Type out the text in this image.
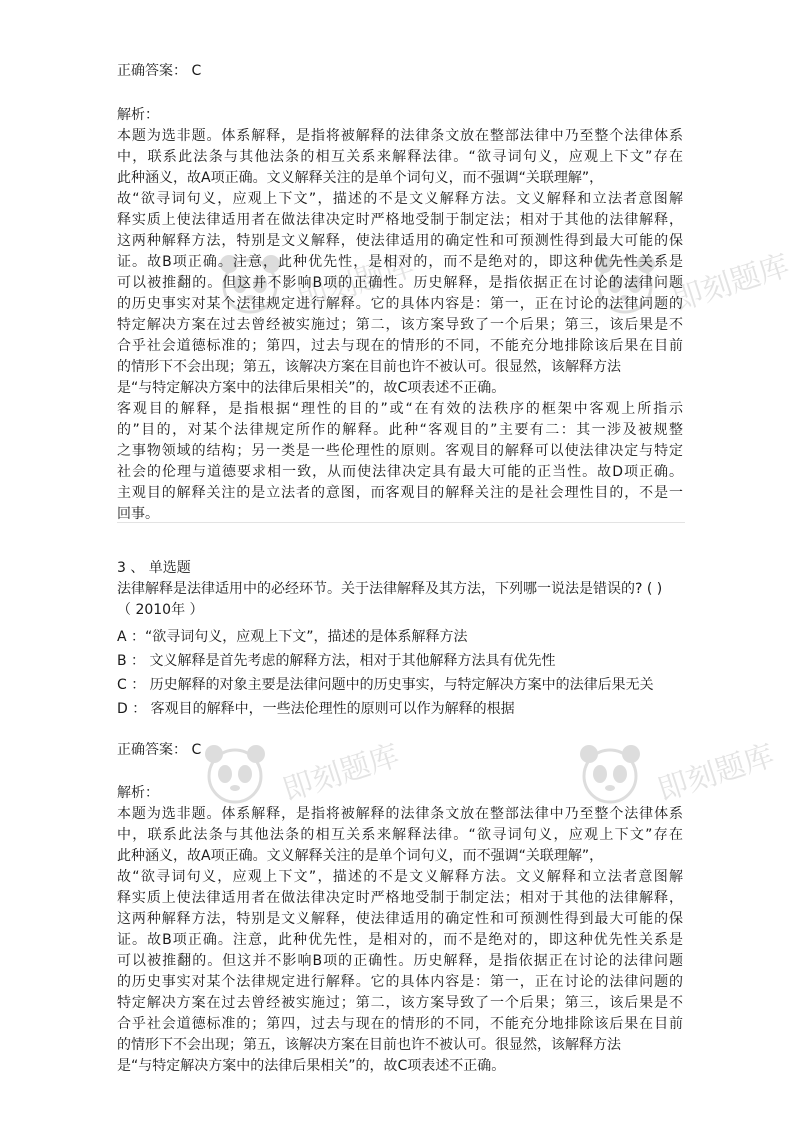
即刻题库	即刻题库
即刻题库	即刻题库
正确答案： C
解析：
本题为选非题。体系解释，是指将被解释的法律条文放在整部法律中乃至整个法律体系
中，联系此法条与其他法条的相互关系来解释法律。“欲寻词句义，应观上下文”存在
此种涵义，故A项正确。文义解释关注的是单个词句义，而不强调“关联理解”，
故“欲寻词句义，应观上下文”，描述的不是文义解释方法。文义解释和立法者意图解
释实质上使法律适用者在做法律决定时严格地受制于制定法；相对于其他的法律解释，
这两种解释方法，特别是文义解释，使法律适用的确定性和可预测性得到最大可能的保
证。故B项正确。注意，此种优先性，是相对的，而不是绝对的，即这种优先性关系是
可以被推翻的。但这并不影响B项的正确性。历史解释，是指依据正在讨论的法律问题
的历史事实对某个法律规定进行解释。它的具体内容是：第一，正在讨论的法律问题的
特定解决方案在过去曾经被实施过；第二，该方案导致了一个后果；第三，该后果是不
合乎社会道德标准的；第四，过去与现在的情形的不同，不能充分地排除该后果在目前
的情形下不会出现；第五，该解决方案在目前也许不被认可。很显然，该解释方法
是“与特定解决方案中的法律后果相关”的，故C项表述不正确。
客观目的解释，是指根据“理性的目的”或“在有效的法秩序的框架中客观上所指示
的”目的，对某个法律规定所作的解释。此种“客观目的”主要有二：其一涉及被规整
之事物领域的结构；另一类是一些伦理性的原则。客观目的解释可以使法律决定与特定
社会的伦理与道德要求相一致，从而使法律决定具有最大可能的正当性。故D项正确。
主观目的解释关注的是立法者的意图，而客观目的解释关注的是社会理性目的，不是一
回事。
3 、 单选题
法律解释是法律适用中的必经环节。关于法律解释及其方法，下列哪一说法是错误的? ( )
（ 2010年 ）
A ：“欲寻词句义，应观上下文”，描述的是体系解释方法
B ： 文义解释是首先考虑的解释方法，相对于其他解释方法具有优先性
C ： 历史解释的对象主要是法律问题中的历史事实，与特定解决方案中的法律后果无关
D ： 客观目的解释中，一些法伦理性的原则可以作为解释的根据
正确答案： C
解析：
本题为选非题。体系解释，是指将被解释的法律条文放在整部法律中乃至整个法律体系
中，联系此法条与其他法条的相互关系来解释法律。“欲寻词句义，应观上下文”存在
此种涵义，故A项正确。文义解释关注的是单个词句义，而不强调“关联理解”，
故“欲寻词句义，应观上下文”，描述的不是文义解释方法。文义解释和立法者意图解
释实质上使法律适用者在做法律决定时严格地受制于制定法；相对于其他的法律解释，
这两种解释方法，特别是文义解释，使法律适用的确定性和可预测性得到最大可能的保
证。故B项正确。注意，此种优先性，是相对的，而不是绝对的，即这种优先性关系是
可以被推翻的。但这并不影响B项的正确性。历史解释，是指依据正在讨论的法律问题
的历史事实对某个法律规定进行解释。它的具体内容是：第一，正在讨论的法律问题的
特定解决方案在过去曾经被实施过；第二，该方案导致了一个后果；第三，该后果是不
合乎社会道德标准的；第四，过去与现在的情形的不同，不能充分地排除该后果在目前
的情形下不会出现；第五，该解决方案在目前也许不被认可。很显然，该解释方法
是“与特定解决方案中的法律后果相关”的，故C项表述不正确。
